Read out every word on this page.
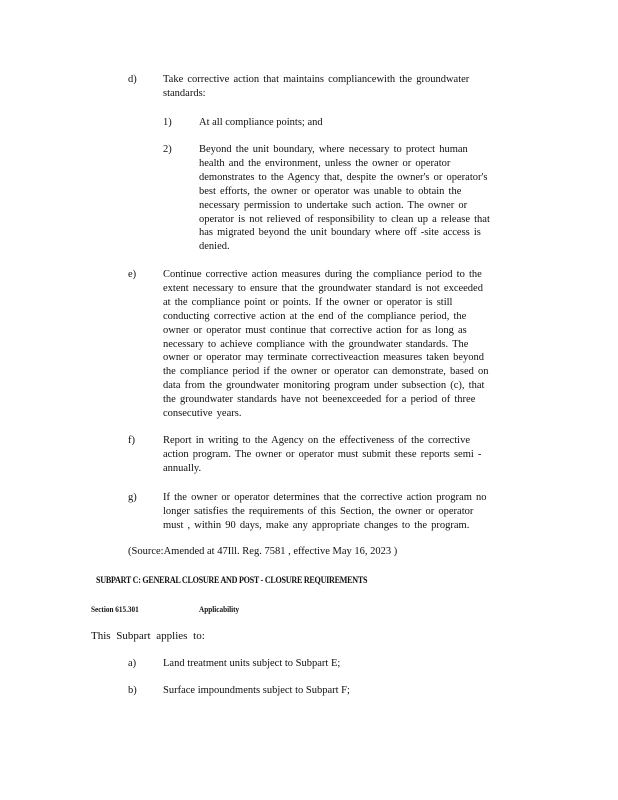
d)	Take corrective action that maintains compliancewith the groundwater
standards:
1)	At all compliance points; and
2)	Beyond the unit boundary, where necessary to protect human
health and the environment, unless the owner or operator
demonstrates to the Agency that, despite the owner's or operator's
best efforts, the owner or operator was unable to obtain the
necessary permission to undertake such action. The owner or
operator is not relieved of responsibility to clean up a release that
has migrated beyond the unit boundary where off -site access is
denied.
e)	Continue corrective action measures during the compliance period to the
extent necessary to ensure that the groundwater standard is not exceeded
at the compliance point or points. If the owner or operator is still
conducting corrective action at the end of the compliance period, the
owner or operator must continue that corrective action for as long as
necessary to achieve compliance with the groundwater standards. The
owner or operator may terminate correctiveaction measures taken beyond
the compliance period if the owner or operator can demonstrate, based on
data from the groundwater monitoring program under subsection (c), that
the groundwater standards have not beenexceeded for a period of three
consecutive years.
f)	Report in writing to the Agency on the effectiveness of the corrective
action program. The owner or operator must submit these reports semi -
annually.
g)	If the owner or operator determines that the corrective action program no
longer satisfies the requirements of this Section, the owner or operator
must , within 90 days, make any appropriate changes to the program.
(Source:Amended at 47Ill. Reg. 7581 , effective May 16, 2023 )
SUBPART C: GENERAL CLOSURE AND POST - CLOSURE REQUIREMENTS
Section 615.301	Applicability
This Subpart applies to:
a)	Land treatment units subject to Subpart E;
b)	Surface impoundments subject to Subpart F;
